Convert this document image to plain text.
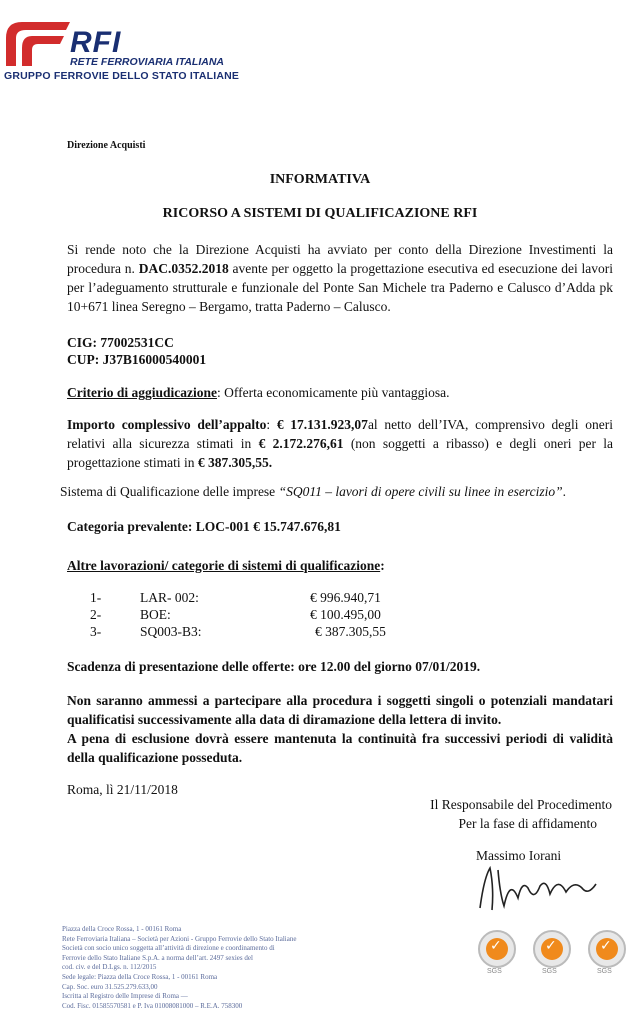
RFI
RETE FERROVIARIA ITALIANA
GRUPPO FERROVIE DELLO STATO ITALIANE
Direzione Acquisti
INFORMATIVA
RICORSO A SISTEMI DI QUALIFICAZIONE RFI
Si rende noto che la Direzione Acquisti ha avviato per conto della Direzione Investimenti la procedura n. DAC.0352.2018 avente per oggetto la progettazione esecutiva ed esecuzione dei lavori per l’adeguamento strutturale e funzionale del Ponte San Michele tra Paderno e Calusco d’Adda pk 10+671 linea Seregno – Bergamo, tratta Paderno – Calusco.
CIG: 77002531CC
CUP: J37B16000540001
Criterio di aggiudicazione: Offerta economicamente più vantaggiosa.
Importo complessivo dell’appalto: € 17.131.923,07al netto dell’IVA, comprensivo degli oneri relativi alla sicurezza stimati in € 2.172.276,61 (non soggetti a ribasso) e degli oneri per la progettazione stimati in € 387.305,55.
Sistema di Qualificazione delle imprese “SQ011 – lavori di opere civili su linee in esercizio”.
Categoria prevalente: LOC-001 € 15.747.676,81
Altre lavorazioni/ categorie di sistemi di qualificazione:
1-	LAR- 002:	€ 996.940,71
2-	BOE:	€ 100.495,00
3-	SQ003-B3:	€ 387.305,55
Scadenza di presentazione delle offerte: ore 12.00 del giorno 07/01/2019.
Non saranno ammessi a partecipare alla procedura i soggetti singoli o potenziali mandatari qualificatisi successivamente alla data di diramazione della lettera di invito.
A pena di esclusione dovrà essere mantenuta la continuità fra successivi periodi di validità della qualificazione posseduta.
Roma, lì 21/11/2018
Il Responsabile del Procedimento
Per la fase di affidamento
Massimo Iorani
Piazza della Croce Rossa, 1 - 00161 Roma
Rete Ferroviaria Italiana – Società per Azioni - Gruppo Ferrovie dello Stato Italiane
Società con socio unico soggetta all’attività di direzione e coordinamento di
Ferrovie dello Stato Italiane S.p.A. a norma dell’art. 2497 sexies del
cod. civ. e del D.Lgs. n. 112/2015
Sede legale: Piazza della Croce Rossa, 1 - 00161 Roma
Cap. Soc. euro 31.525.279.633,00
Iscritta al Registro delle Imprese di Roma —
Cod. Fisc. 01585570581 e P. Iva 01008081000 – R.E.A. 758300
✓
SGS
✓
SGS
✓
SGS
